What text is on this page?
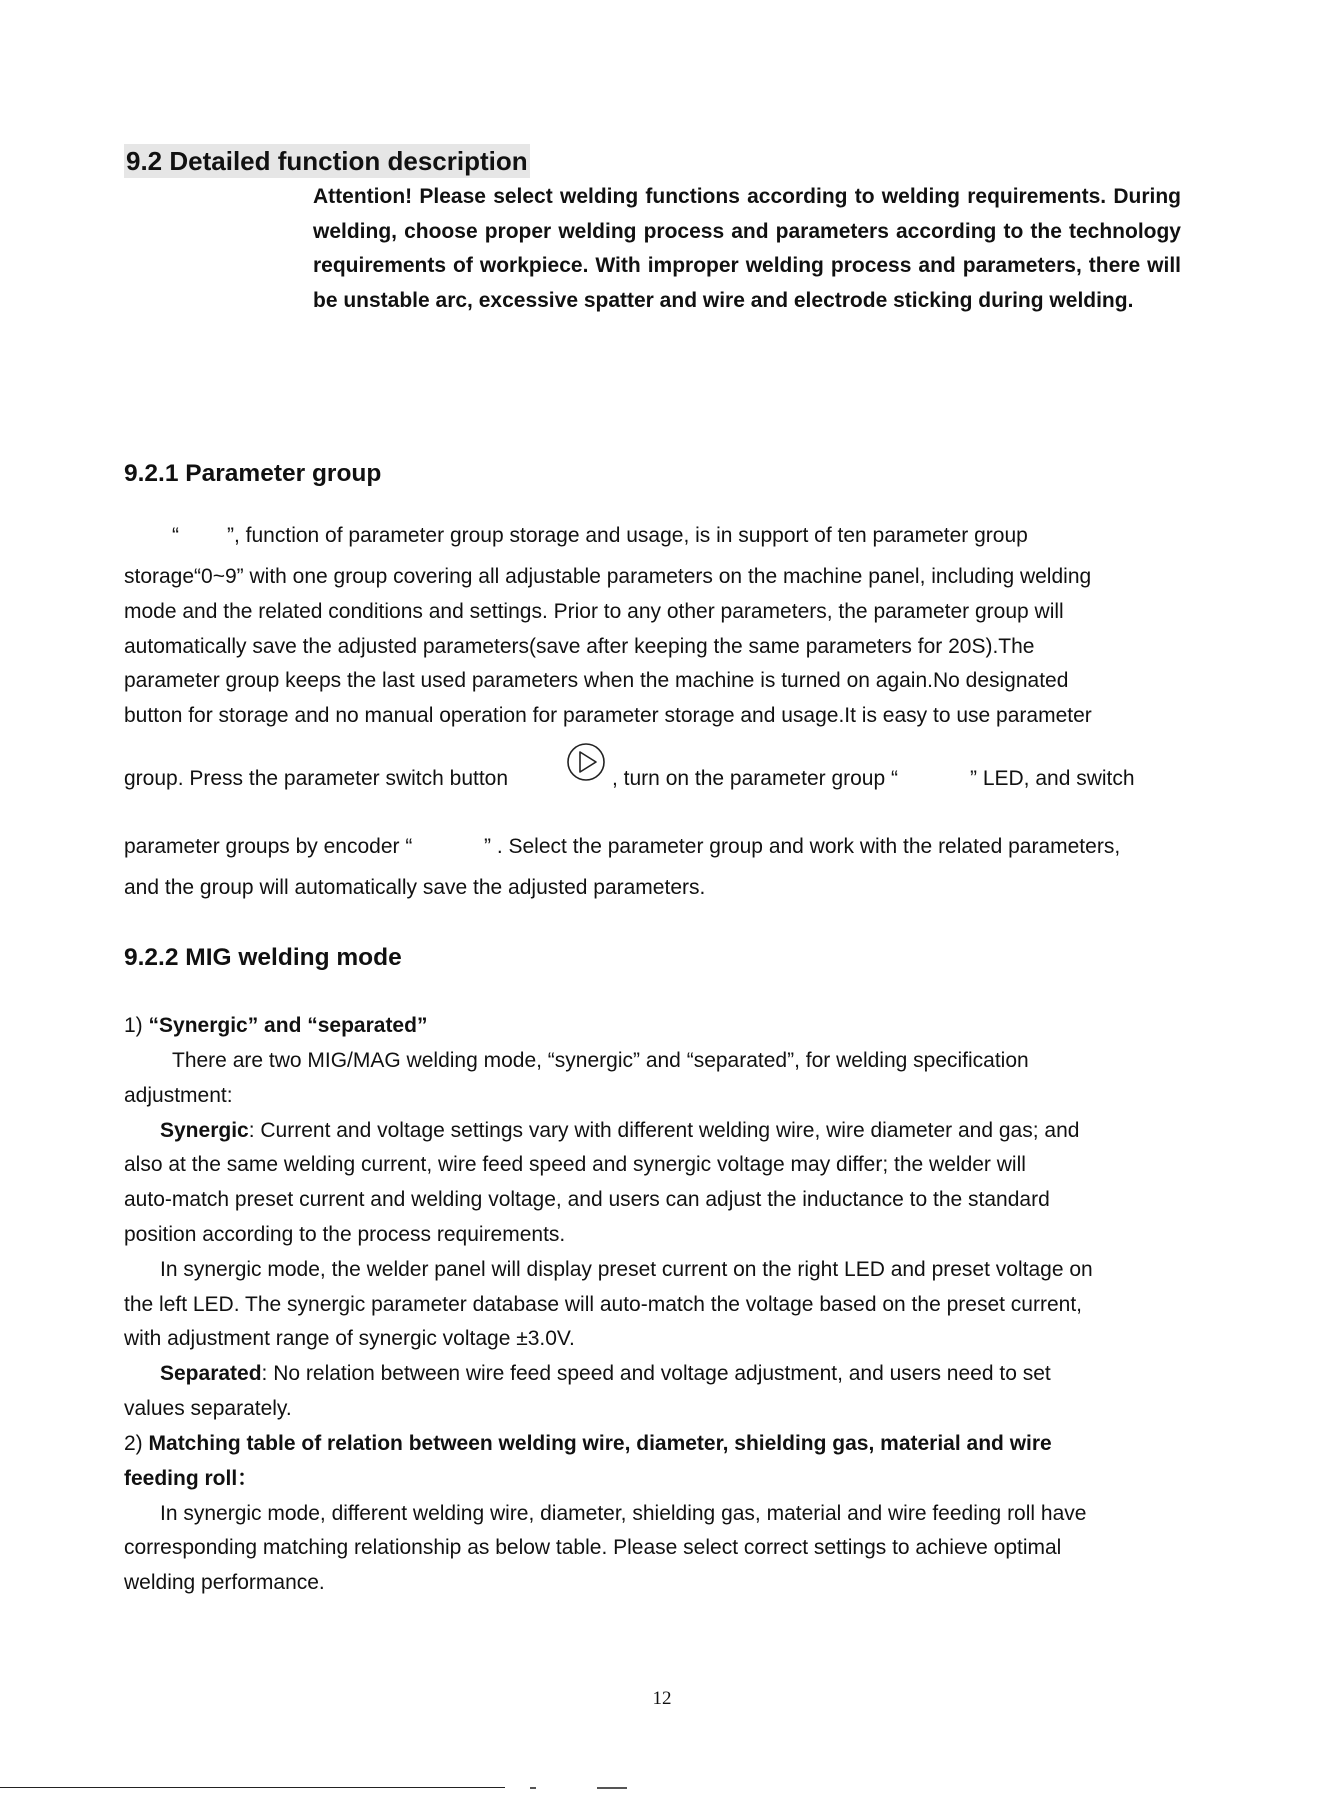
9.2 Detailed function description
Attention! Please select welding functions according to welding requirements. During welding, choose proper welding process and parameters according to the technology requirements of workpiece. With improper welding process and parameters, there will be unstable arc, excessive spatter and wire and electrode sticking during welding.
9.2.1 Parameter group
“ ”, function of parameter group storage and usage, is in support of ten parameter group
storage“0~9” with one group covering all adjustable parameters on the machine panel, including welding
mode and the related conditions and settings. Prior to any other parameters, the parameter group will
automatically save the adjusted parameters(save after keeping the same parameters for 20S).The
parameter group keeps the last used parameters when the machine is turned on again.No designated
button for storage and no manual operation for parameter storage and usage.It is easy to use parameter
group. Press the parameter switch button	, turn on the parameter group “	” LED, and switch
parameter groups by encoder “	” . Select the parameter group and work with the related parameters,
and the group will automatically save the adjusted parameters.
9.2.2 MIG welding mode
1) “Synergic” and “separated”
There are two MIG/MAG welding mode, “synergic” and “separated”, for welding specification
adjustment:
Synergic: Current and voltage settings vary with different welding wire, wire diameter and gas; and
also at the same welding current, wire feed speed and synergic voltage may differ; the welder will
auto-match preset current and welding voltage, and users can adjust the inductance to the standard
position according to the process requirements.
In synergic mode, the welder panel will display preset current on the right LED and preset voltage on
the left LED. The synergic parameter database will auto-match the voltage based on the preset current,
with adjustment range of synergic voltage ±3.0V.
Separated: No relation between wire feed speed and voltage adjustment, and users need to set
values separately.
2) Matching table of relation between welding wire, diameter, shielding gas, material and wire
feeding roll：
In synergic mode, different welding wire, diameter, shielding gas, material and wire feeding roll have
corresponding matching relationship as below table. Please select correct settings to achieve optimal
welding performance.
12
